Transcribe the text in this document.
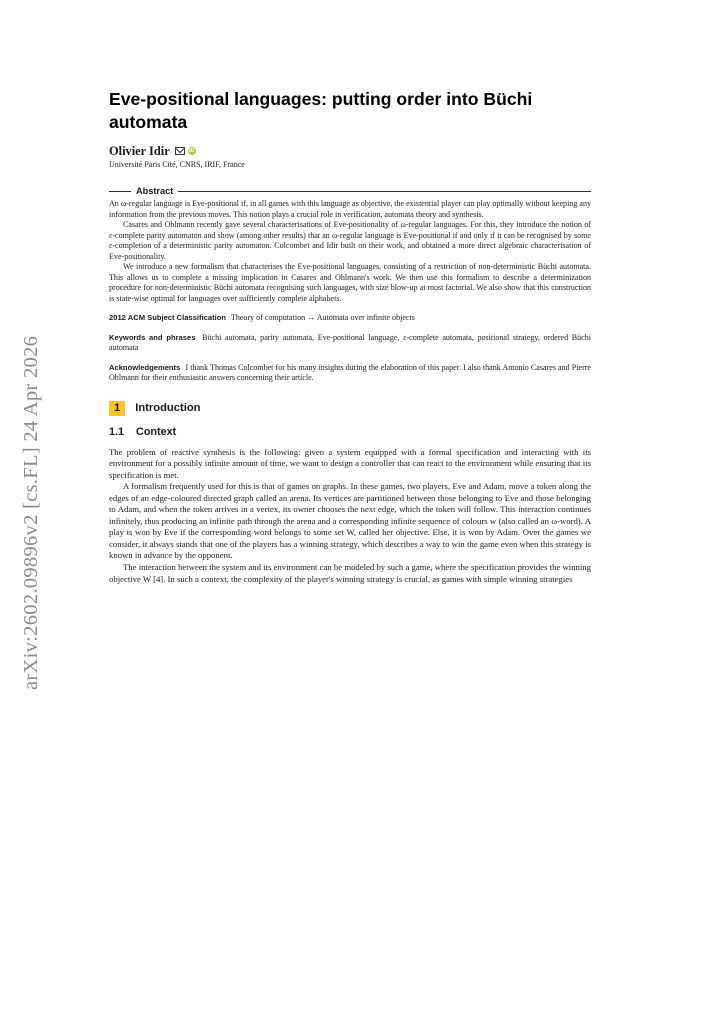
arXiv:2602.09896v2 [cs.FL] 24 Apr 2026
Eve-positional languages: putting order into Büchi automata
Olivier Idir	iD
Université Paris Cité, CNRS, IRIF, France
Abstract

An ω-regular language is Eve-positional if, in all games with this language as objective, the existential player can play optimally without keeping any information from the previous moves. This notion plays a crucial role in verification, automata theory and synthesis.

Casares and Ohlmann recently gave several characterisations of Eve-positionality of ω-regular languages. For this, they introduce the notion of ε-complete parity automaton and show (among other results) that an ω-regular language is Eve-positional if and only if it can be recognised by some ε-completion of a deterministic parity automaton. Colcombet and Idir built on their work, and obtained a more direct algebraic characterisation of Eve-positionality.

We introduce a new formalism that characterises the Eve-positional languages, consisting of a restriction of non-deterministic Büchi automata. This allows us to complete a missing implication in Casares and Ohlmann's work. We then use this formalism to describe a determinization procedure for non-deterministic Büchi automata recognising such languages, with size blow-up at most factorial. We also show that this construction is state-wise optimal for languages over sufficiently complete alphabets.

2012 ACM Subject Classification Theory of computation → Automata over infinite objects
Keywords and phrases Büchi automata, parity automata, Eve-positional language, ε-complete automata, positional strategy, ordered Büchi automata
Acknowledgements I thank Thomas Colcombet for his many insights during the elaboration of this paper. I also thank Antonio Casares and Pierre Ohlmann for their enthusiastic answers concerning their article.
1	Introduction
1.1 Context

The problem of reactive synthesis is the following: given a system equipped with a formal specification and interacting with its environment for a possibly infinite amount of time, we want to design a controller that can react to the environment while ensuring that its specification is met.

A formalism frequently used for this is that of games on graphs. In these games, two players, Eve and Adam, move a token along the edges of an edge-coloured directed graph called an arena. Its vertices are partitioned between those belonging to Eve and those belonging to Adam, and when the token arrives in a vertex, its owner chooses the next edge, which the token will follow. This interaction continues infinitely, thus producing an infinite path through the arena and a corresponding infinite sequence of colours w (also called an ω-word). A play is won by Eve if the corresponding word belongs to some set W, called her objective. Else, it is won by Adam. Over the games we consider, it always stands that one of the players has a winning strategy, which describes a way to win the game even when this strategy is known in advance by the opponent.

The interaction between the system and its environment can be modeled by such a game, where the specification provides the winning objective W [4]. In such a context, the complexity of the player's winning strategy is crucial, as games with simple winning strategies
